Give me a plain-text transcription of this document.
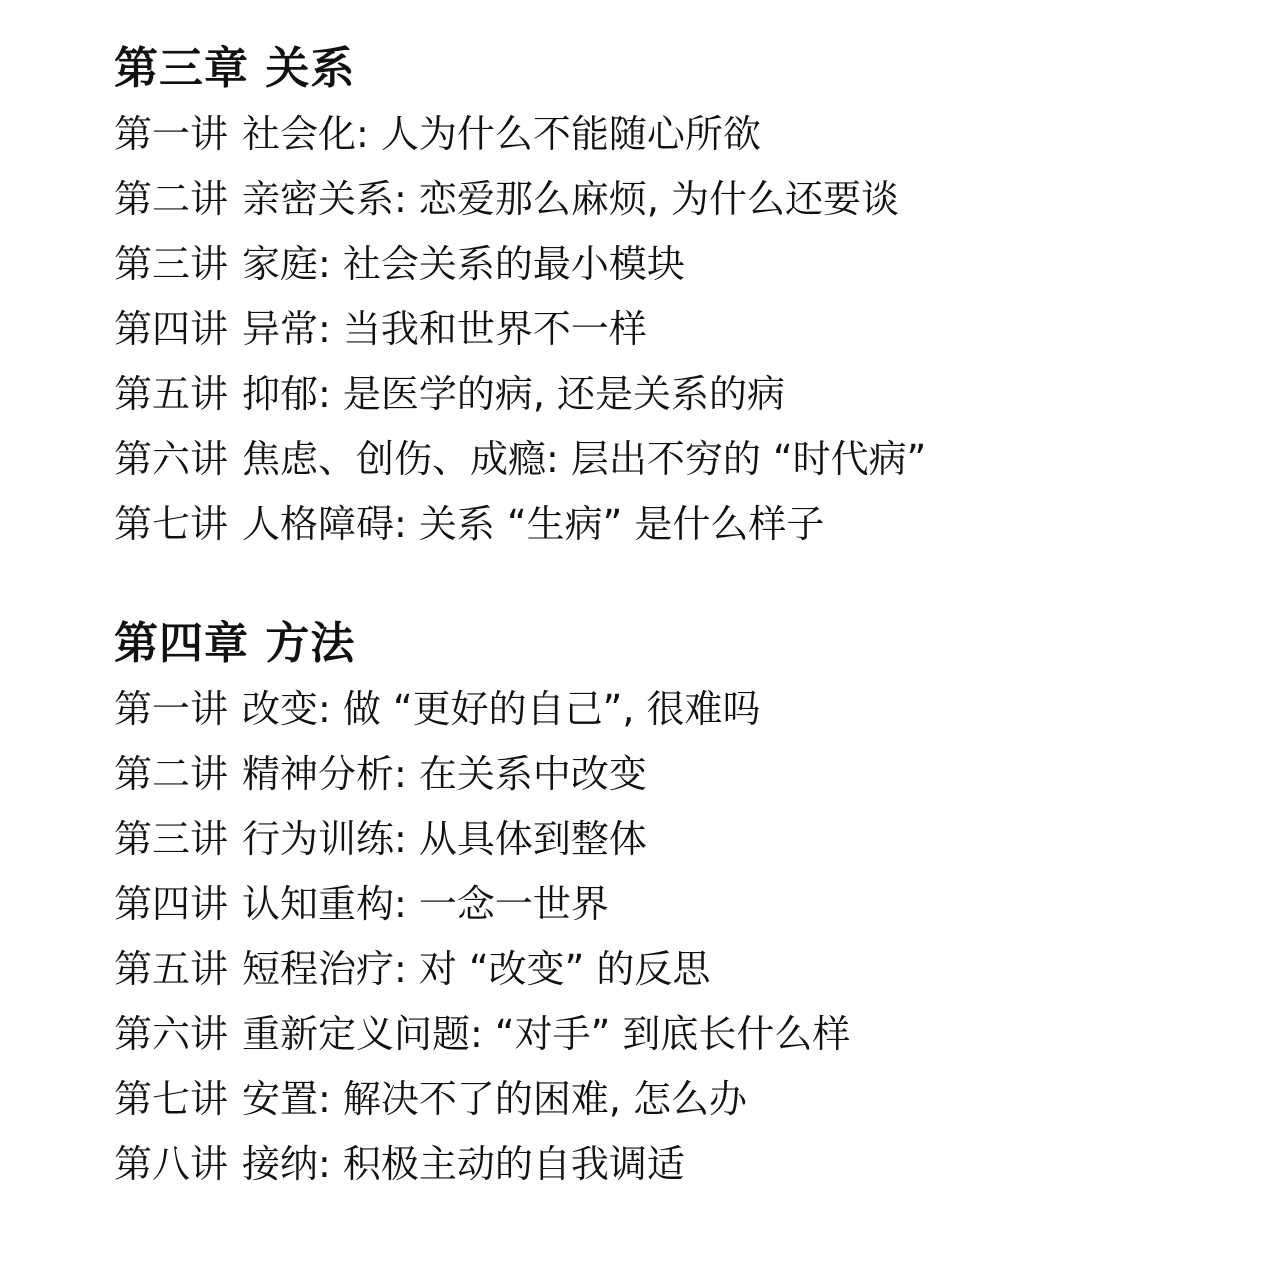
第三章 关系
第一讲 社会化: 人为什么不能随心所欲
第二讲 亲密关系: 恋爱那么麻烦, 为什么还要谈
第三讲 家庭: 社会关系的最小模块
第四讲 异常: 当我和世界不一样
第五讲 抑郁: 是医学的病, 还是关系的病
第六讲 焦虑、创伤、成瘾: 层出不穷的 “时代病”
第七讲 人格障碍: 关系 “生病” 是什么样子
第四章 方法
第一讲 改变: 做 “更好的自己”, 很难吗
第二讲 精神分析: 在关系中改变
第三讲 行为训练: 从具体到整体
第四讲 认知重构: 一念一世界
第五讲 短程治疗: 对 “改变” 的反思
第六讲 重新定义问题: “对手” 到底长什么样
第七讲 安置: 解决不了的困难, 怎么办
第八讲 接纳: 积极主动的自我调适
